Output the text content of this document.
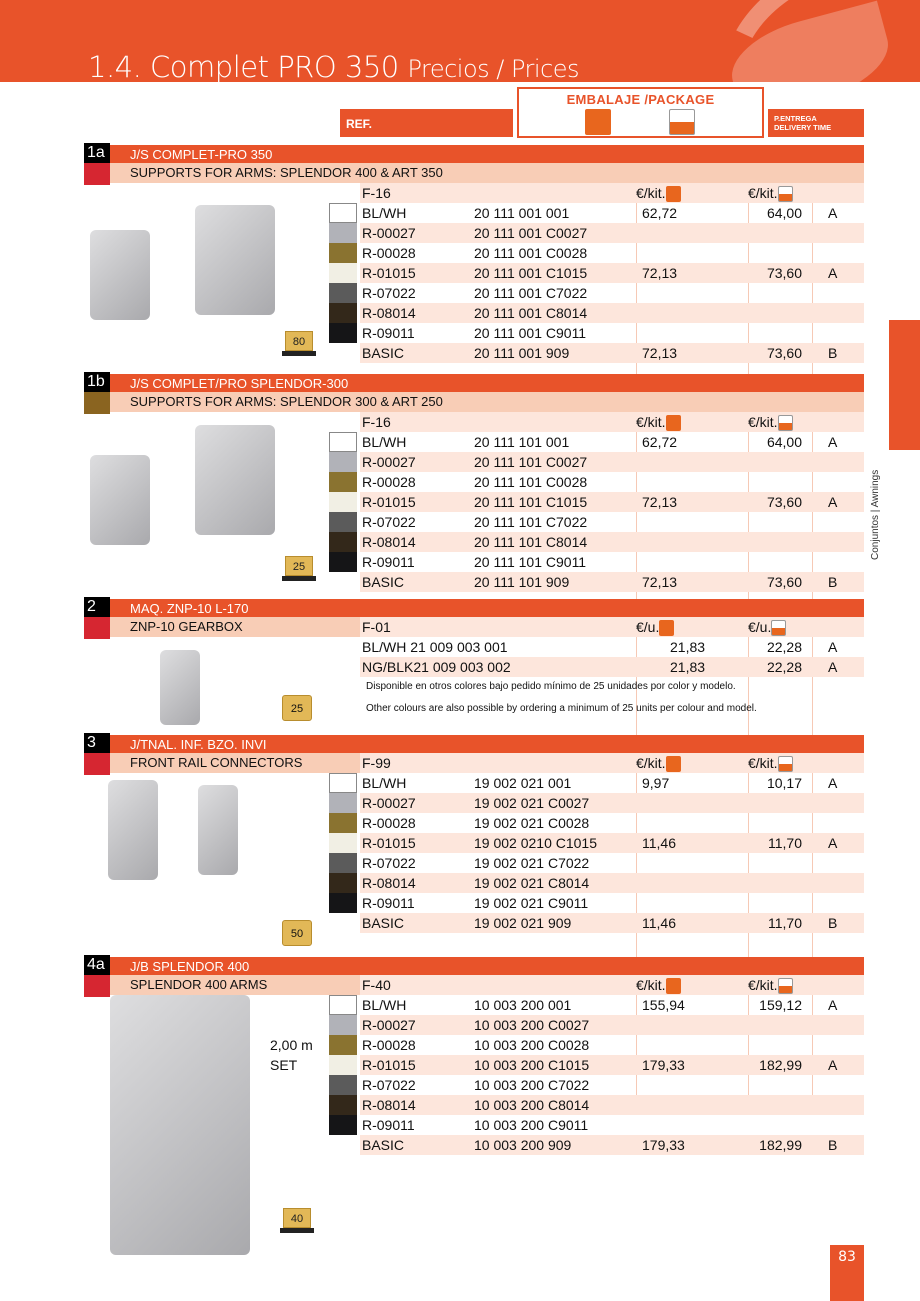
1.4. Complet PRO 350 Precios / Prices
REF.
EMBALAJE /PACKAGE
P.ENTREGA
DELIVERY TIME
1a	J/S COMPLET-PRO 350
SUPPORTS FOR ARMS: SPLENDOR 400 & ART 350
F-16	€/kit.	€/kit.
BL/WH	20 111 001 001	62,72	64,00 A
R-00027	20 111 001 C0027
R-00028	20 111 001 C0028
R-01015	20 111 001 C1015	72,13	73,60 A
R-07022	20 111 001 C7022
R-08014	20 111 001 C8014
R-09011	20 111 001 C9011
BASIC	20 111 001 909	72,13	73,60 B
1b	J/S COMPLET/PRO SPLENDOR-300
SUPPORTS FOR ARMS: SPLENDOR 300 & ART 250
F-16	€/kit.	€/kit.
BL/WH	20 111 101 001	62,72	64,00 A
R-00027	20 111 101 C0027
R-00028	20 111 101 C0028
R-01015	20 111 101 C1015	72,13	73,60 A
R-07022	20 111 101 C7022
R-08014	20 111 101 C8014
R-09011	20 111 101 C9011
BASIC	20 111 101 909	72,13	73,60 B
2	MAQ. ZNP-10 L-170
ZNP-10 GEARBOX	F-01	€/u.	€/u.
BL/WH 21 009 003 001	21,83	22,28 A
NG/BLK21 009 003 002	21,83	22,28 A
Disponible en otros colores bajo pedido mínimo de 25 unidades por color y modelo.
Other colours are also possible by ordering a minimum of 25 units per colour and model.
3	J/TNAL. INF. BZO. INVI
FRONT RAIL CONNECTORS	F-99	€/kit.	€/kit.
BL/WH	19 002 021 001	9,97	10,17 A
R-00027	19 002 021 C0027
R-00028	19 002 021 C0028
R-01015	19 002 0210 C1015	11,46	11,70 A
R-07022	19 002 021 C7022
R-08014	19 002 021 C8014
R-09011	19 002 021 C9011
BASIC	19 002 021 909	11,46	11,70 B
4a	J/B SPLENDOR 400
SPLENDOR 400 ARMS	F-40	€/kit.	€/kit.
BL/WH	10 003 200 001	155,94	159,12 A
R-00027	10 003 200 C0027
R-00028	10 003 200 C0028
R-01015	10 003 200 C1015	179,33	182,99 A
R-07022	10 003 200 C7022
R-08014	10 003 200 C8014
R-09011	10 003 200 C9011
BASIC	10 003 200 909	179,33	182,99 B
2,00 m
SET
Conjuntos | Awnings
83
80
25
25
50
40
